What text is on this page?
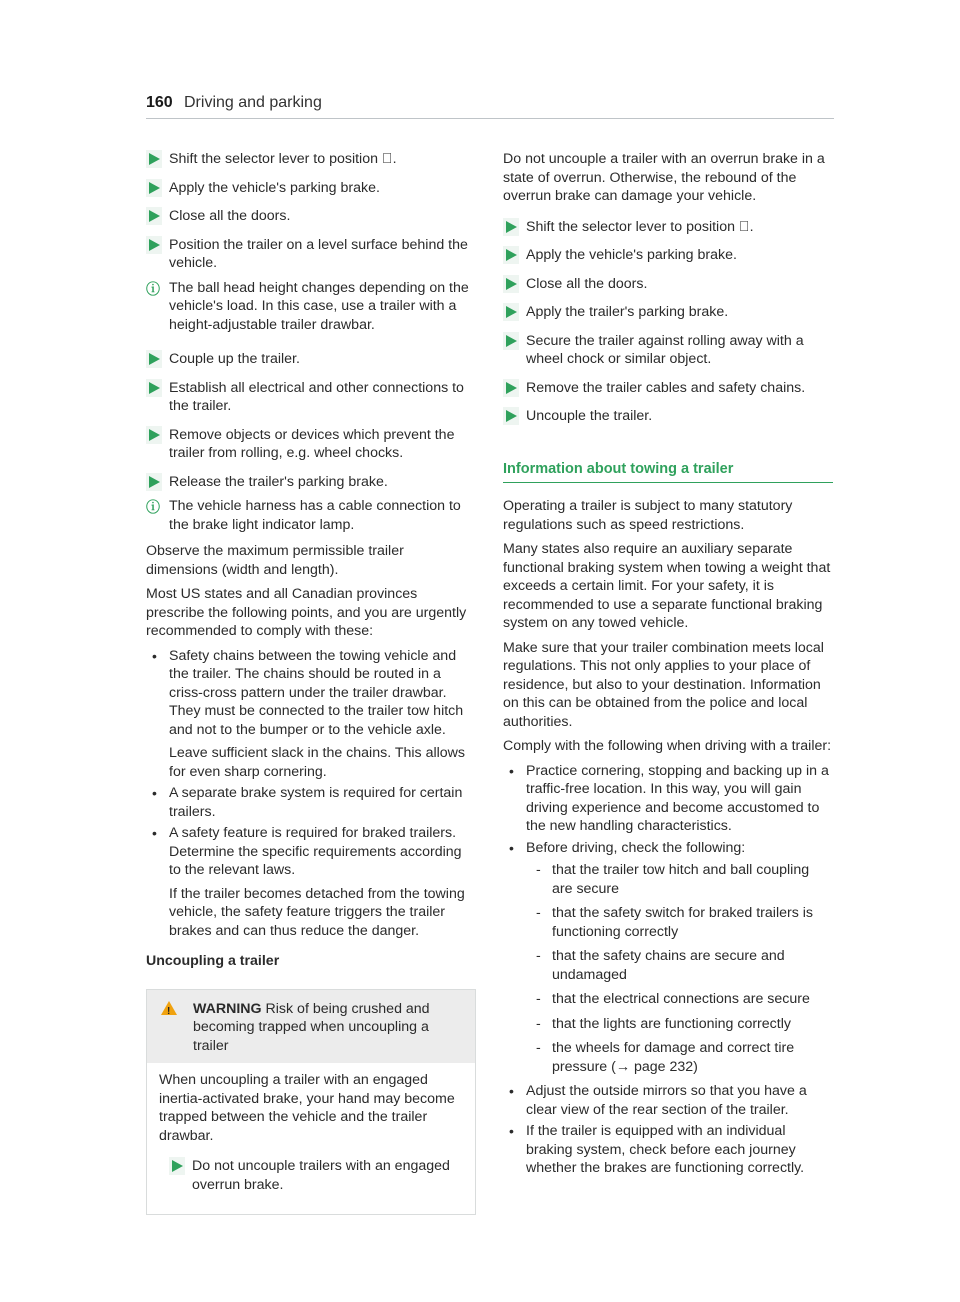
160 Driving and parking
Shift the selector lever to position .
Apply the vehicle's parking brake.
Close all the doors.
Position the trailer on a level surface behind the vehicle.
ⓘ The ball head height changes depending on the vehicle's load. In this case, use a trailer with a height-adjustable trailer drawbar.
Couple up the trailer.
Establish all electrical and other connections to the trailer.
Remove objects or devices which prevent the trailer from rolling, e.g. wheel chocks.
Release the trailer's parking brake.
ⓘ The vehicle harness has a cable connection to the brake light indicator lamp.

Observe the maximum permissible trailer dimensions (width and length).

Most US states and all Canadian provinces prescribe the following points, and you are urgently recommended to comply with these:

• Safety chains between the towing vehicle and the trailer. The chains should be routed in a criss-cross pattern under the trailer drawbar. They must be connected to the trailer tow hitch and not to the bumper or to the vehicle axle.
Leave sufficient slack in the chains. This allows for even sharp cornering.
• A separate brake system is required for certain trailers.
• A safety feature is required for braked trailers. Determine the specific requirements according to the relevant laws.
If the trailer becomes detached from the towing vehicle, the safety feature triggers the trailer brakes and can thus reduce the danger.
Uncoupling a trailer
! WARNING Risk of being crushed and becoming trapped when uncoupling a trailer
When uncoupling a trailer with an engaged inertia-activated brake, your hand may become trapped between the vehicle and the trailer drawbar.
Do not uncouple trailers with an engaged overrun brake.

Do not uncouple a trailer with an overrun brake in a state of overrun. Otherwise, the rebound of the overrun brake can damage your vehicle.

Shift the selector lever to position .
Apply the vehicle's parking brake.
Close all the doors.
Apply the trailer's parking brake.
Secure the trailer against rolling away with a wheel chock or similar object.
Remove the trailer cables and safety chains.
Uncouple the trailer.
Information about towing a trailer

Operating a trailer is subject to many statutory regulations such as speed restrictions.

Many states also require an auxiliary separate functional braking system when towing a weight that exceeds a certain limit. For your safety, it is recommended to use a separate functional braking system on any towed vehicle.

Make sure that your trailer combination meets local regulations. This not only applies to your place of residence, but also to your destination. Information on this can be obtained from the police and local authorities.

Comply with the following when driving with a trailer:

• Practice cornering, stopping and backing up in a traffic-free location. In this way, you will gain driving experience and become accustomed to the new handling characteristics.
• Before driving, check the following:
- that the trailer tow hitch and ball coupling are secure
- that the safety switch for braked trailers is functioning correctly
- that the safety chains are secure and undamaged
- that the electrical connections are secure
- that the lights are functioning correctly
- the wheels for damage and correct tire pressure (→ page 232)
• Adjust the outside mirrors so that you have a clear view of the rear section of the trailer.
• If the trailer is equipped with an individual braking system, check before each journey whether the brakes are functioning correctly.
